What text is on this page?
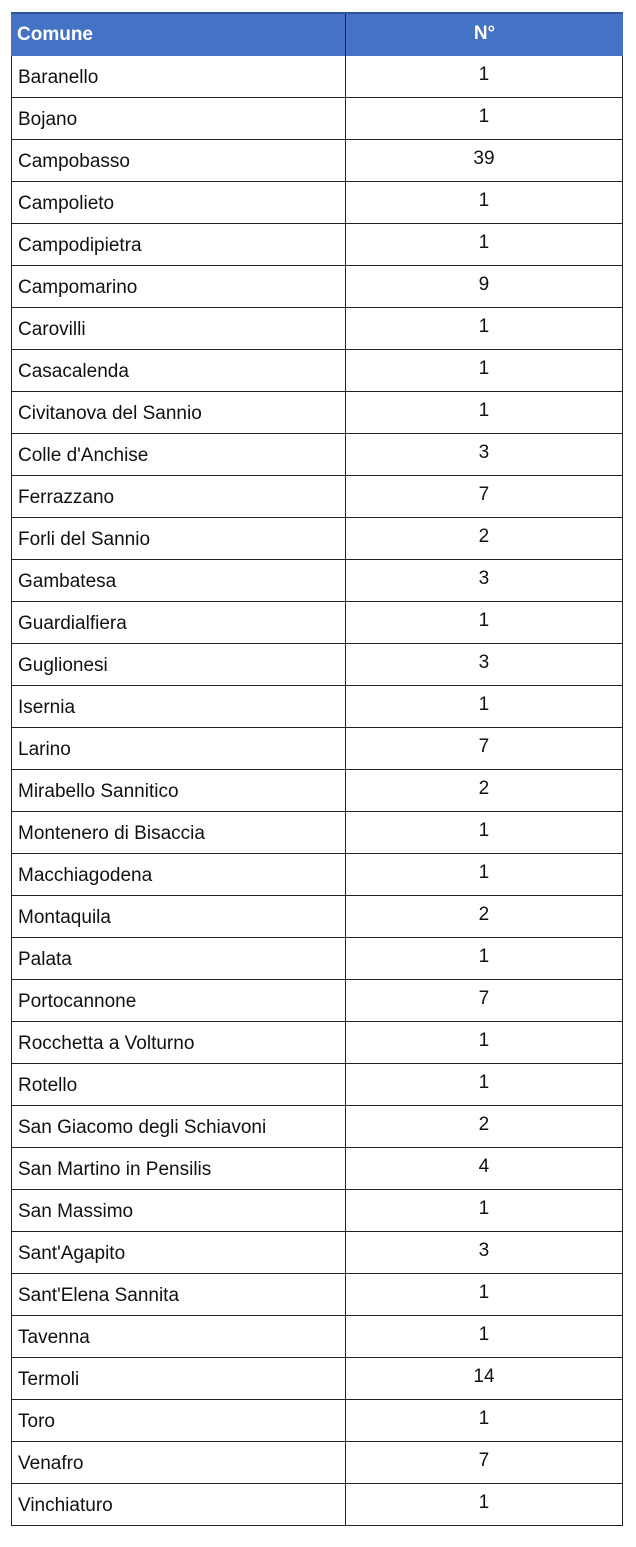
Comune	N°
Baranello	1
Bojano	1
Campobasso	39
Campolieto	1
Campodipietra	1
Campomarino	9
Carovilli	1
Casacalenda	1
Civitanova del Sannio	1
Colle d'Anchise	3
Ferrazzano	7
Forli del Sannio	2
Gambatesa	3
Guardialfiera	1
Guglionesi	3
Isernia	1
Larino	7
Mirabello Sannitico	2
Montenero di Bisaccia	1
Macchiagodena	1
Montaquila	2
Palata	1
Portocannone	7
Rocchetta a Volturno	1
Rotello	1
San Giacomo degli Schiavoni	2
San Martino in Pensilis	4
San Massimo	1
Sant'Agapito	3
Sant'Elena Sannita	1
Tavenna	1
Termoli	14
Toro	1
Venafro	7
Vinchiaturo	1
